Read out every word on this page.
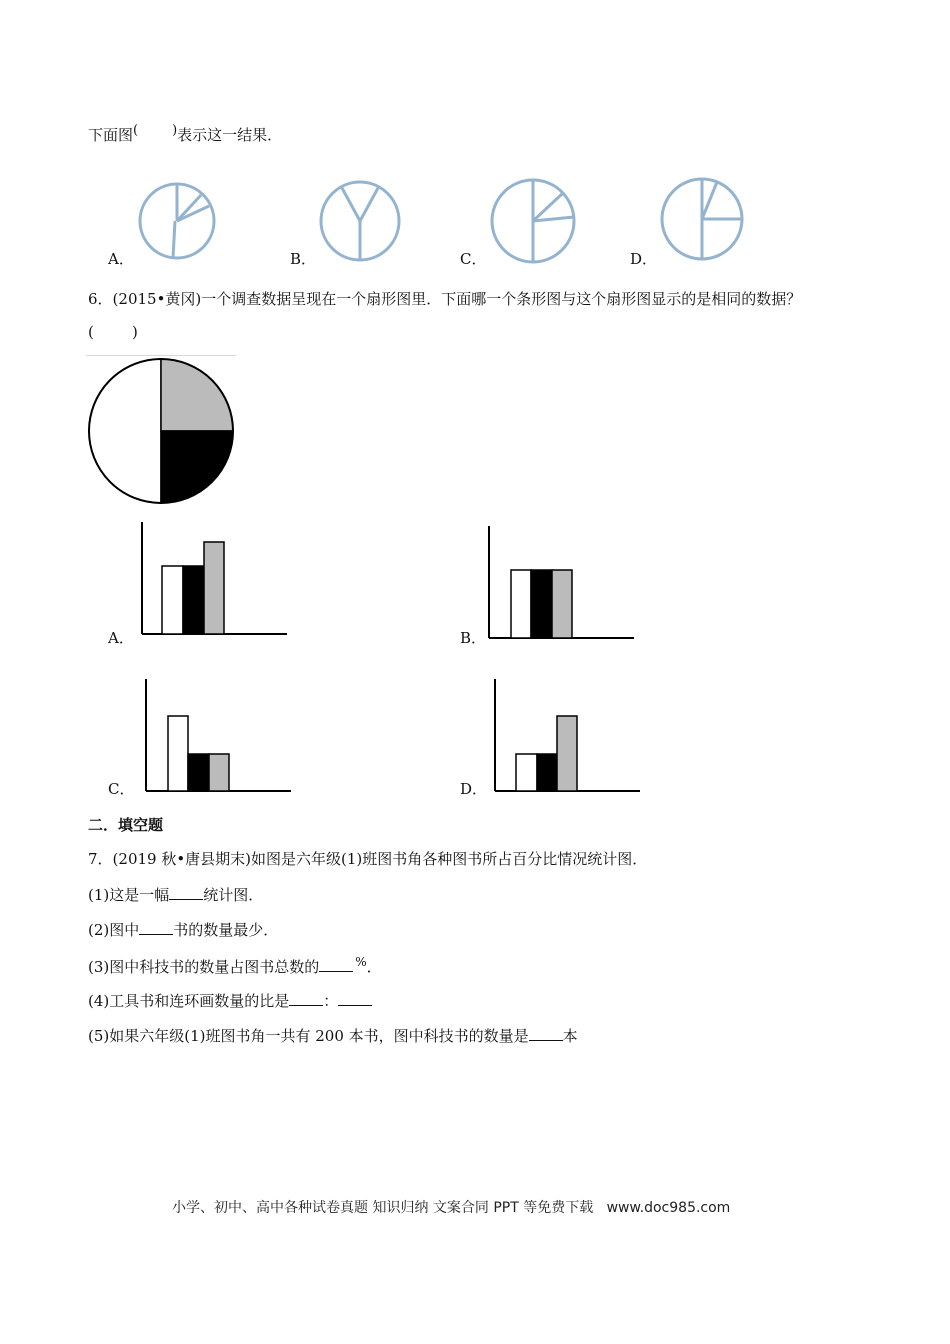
下面图(	)表示这一结果．
A．	B．	C．	D．
6．(2015•黄冈)一个调查数据呈现在一个扇形图里．下面哪一个条形图与这个扇形图显示的是相同的数据？
(        )
A．	B．
C．	D．
二．填空题
7．(2019 秋•唐县期末)如图是六年级(1)班图书角各种图书所占百分比情况统计图．
(1)这是一幅 统计图．
(2)图中 书的数量最少．
(3)图中科技书的数量占图书总数的	%．
(4)工具书和连环画数量的比是 ：
(5)如果六年级(1)班图书角一共有 200 本书，图中科技书的数量是 本
小学、初中、高中各种试卷真题 知识归纳 文案合同 PPT 等免费下载   www.doc985.com
